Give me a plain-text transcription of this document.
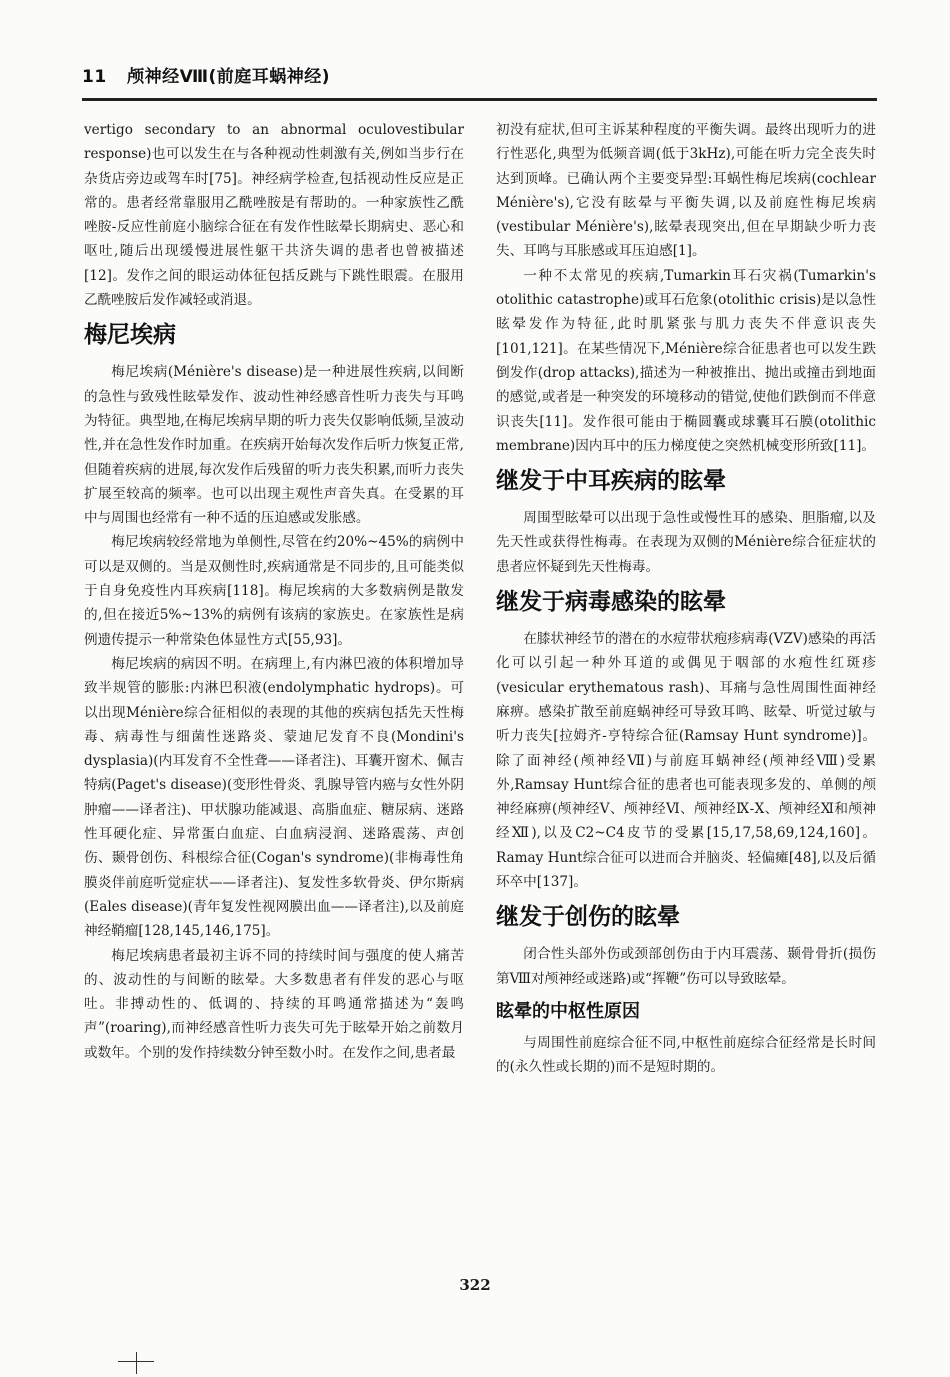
11 颅神经Ⅷ(前庭耳蜗神经)

vertigo secondary to an abnormal oculovestibular response)也可以发生在与各种视动性刺激有关,例如当步行在杂货店旁边或驾车时[75]。神经病学检查,包括视动性反应是正常的。患者经常靠服用乙酰唑胺是有帮助的。一种家族性乙酰唑胺-反应性前庭小脑综合征在有发作性眩晕长期病史、恶心和呕吐,随后出现缓慢进展性躯干共济失调的患者也曾被描述[12]。发作之间的眼运动体征包括反跳与下跳性眼震。在服用乙酰唑胺后发作减轻或消退。

梅尼埃病

梅尼埃病(Ménière's disease)是一种进展性疾病,以间断的急性与致残性眩晕发作、波动性神经感音性听力丧失与耳鸣为特征。典型地,在梅尼埃病早期的听力丧失仅影响低频,呈波动性,并在急性发作时加重。在疾病开始每次发作后听力恢复正常,但随着疾病的进展,每次发作后残留的听力丧失积累,而听力丧失扩展至较高的频率。也可以出现主观性声音失真。在受累的耳中与周围也经常有一种不适的压迫感或发胀感。

梅尼埃病较经常地为单侧性,尽管在约20%~45%的病例中可以是双侧的。当是双侧性时,疾病通常是不同步的,且可能类似于自身免疫性内耳疾病[118]。梅尼埃病的大多数病例是散发的,但在接近5%~13%的病例有该病的家族史。在家族性是病例遗传提示一种常染色体显性方式[55,93]。

梅尼埃病的病因不明。在病理上,有内淋巴液的体积增加导致半规管的膨胀:内淋巴积液(endolymphatic hydrops)。可以出现Ménière综合征相似的表现的其他的疾病包括先天性梅毒、病毒性与细菌性迷路炎、蒙迪尼发育不良(Mondini's dysplasia)(内耳发育不全性聋——译者注)、耳囊开窗术、佩吉特病(Paget's disease)(变形性骨炎、乳腺导管内癌与女性外阴肿瘤——译者注)、甲状腺功能减退、高脂血症、糖尿病、迷路性耳硬化症、异常蛋白血症、白血病浸润、迷路震荡、声创伤、颞骨创伤、科根综合征(Cogan's syndrome)(非梅毒性角膜炎伴前庭听觉症状——译者注)、复发性多软骨炎、伊尔斯病(Eales disease)(青年复发性视网膜出血——译者注),以及前庭神经鞘瘤[128,145,146,175]。

梅尼埃病患者最初主诉不同的持续时间与强度的使人痛苦的、波动性的与间断的眩晕。大多数患者有伴发的恶心与呕吐。非搏动性的、低调的、持续的耳鸣通常描述为“轰鸣声”(roaring),而神经感音性听力丧失可先于眩晕开始之前数月或数年。个别的发作持续数分钟至数小时。在发作之间,患者最

初没有症状,但可主诉某种程度的平衡失调。最终出现听力的进行性恶化,典型为低频音调(低于3kHz),可能在听力完全丧失时达到顶峰。已确认两个主要变异型:耳蜗性梅尼埃病(cochlear Ménière's),它没有眩晕与平衡失调,以及前庭性梅尼埃病(vestibular Ménière's),眩晕表现突出,但在早期缺少听力丧失、耳鸣与耳胀感或耳压迫感[1]。

一种不太常见的疾病,Tumarkin耳石灾祸(Tumarkin's otolithic catastrophe)或耳石危象(otolithic crisis)是以急性眩晕发作为特征,此时肌紧张与肌力丧失不伴意识丧失[101,121]。在某些情况下,Ménière综合征患者也可以发生跌倒发作(drop attacks),描述为一种被推出、抛出或撞击到地面的感觉,或者是一种突发的环境移动的错觉,使他们跌倒而不伴意识丧失[11]。发作很可能由于椭圆囊或球囊耳石膜(otolithic membrane)因内耳中的压力梯度使之突然机械变形所致[11]。

继发于中耳疾病的眩晕

周围型眩晕可以出现于急性或慢性耳的感染、胆脂瘤,以及先天性或获得性梅毒。在表现为双侧的Ménière综合征症状的患者应怀疑到先天性梅毒。

继发于病毒感染的眩晕

在膝状神经节的潜在的水痘带状疱疹病毒(VZV)感染的再活化可以引起一种外耳道的或偶见于咽部的水疱性红斑疹(vesicular erythematous rash)、耳痛与急性周围性面神经麻痹。感染扩散至前庭蜗神经可导致耳鸣、眩晕、听觉过敏与听力丧失[拉姆齐-亨特综合征(Ramsay Hunt syndrome)]。除了面神经(颅神经Ⅶ)与前庭耳蜗神经(颅神经Ⅷ)受累外,Ramsay Hunt综合征的患者也可能表现多发的、单侧的颅神经麻痹(颅神经Ⅴ、颅神经Ⅵ、颅神经Ⅸ-Ⅹ、颅神经Ⅺ和颅神经Ⅻ),以及C2~C4皮节的受累[15,17,58,69,124,160]。Ramay Hunt综合征可以进而合并脑炎、轻偏瘫[48],以及后循环卒中[137]。

继发于创伤的眩晕

闭合性头部外伤或颈部创伤由于内耳震荡、颞骨骨折(损伤第Ⅷ对颅神经或迷路)或“挥鞭”伤可以导致眩晕。

眩晕的中枢性原因

与周围性前庭综合征不同,中枢性前庭综合征经常是长时间的(永久性或长期的)而不是短时期的。

322
